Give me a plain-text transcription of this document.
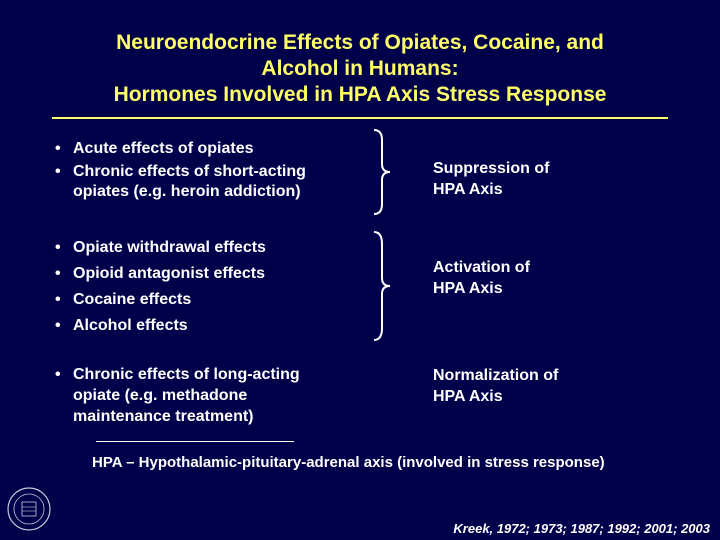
Neuroendocrine Effects of Opiates, Cocaine, and
Alcohol in Humans:
Hormones Involved in HPA Axis Stress Response
• Acute effects of opiates
• Chronic effects of short-acting
opiates (e.g. heroin addiction)
Suppression of
HPA Axis
• Opiate withdrawal effects
• Opioid antagonist effects
• Cocaine effects
• Alcohol effects
Activation of
HPA Axis
• Chronic effects of long-acting
opiate (e.g. methadone
maintenance treatment)
Normalization of
HPA Axis
HPA – Hypothalamic-pituitary-adrenal axis (involved in stress response)
Kreek, 1972; 1973; 1987; 1992; 2001; 2003
